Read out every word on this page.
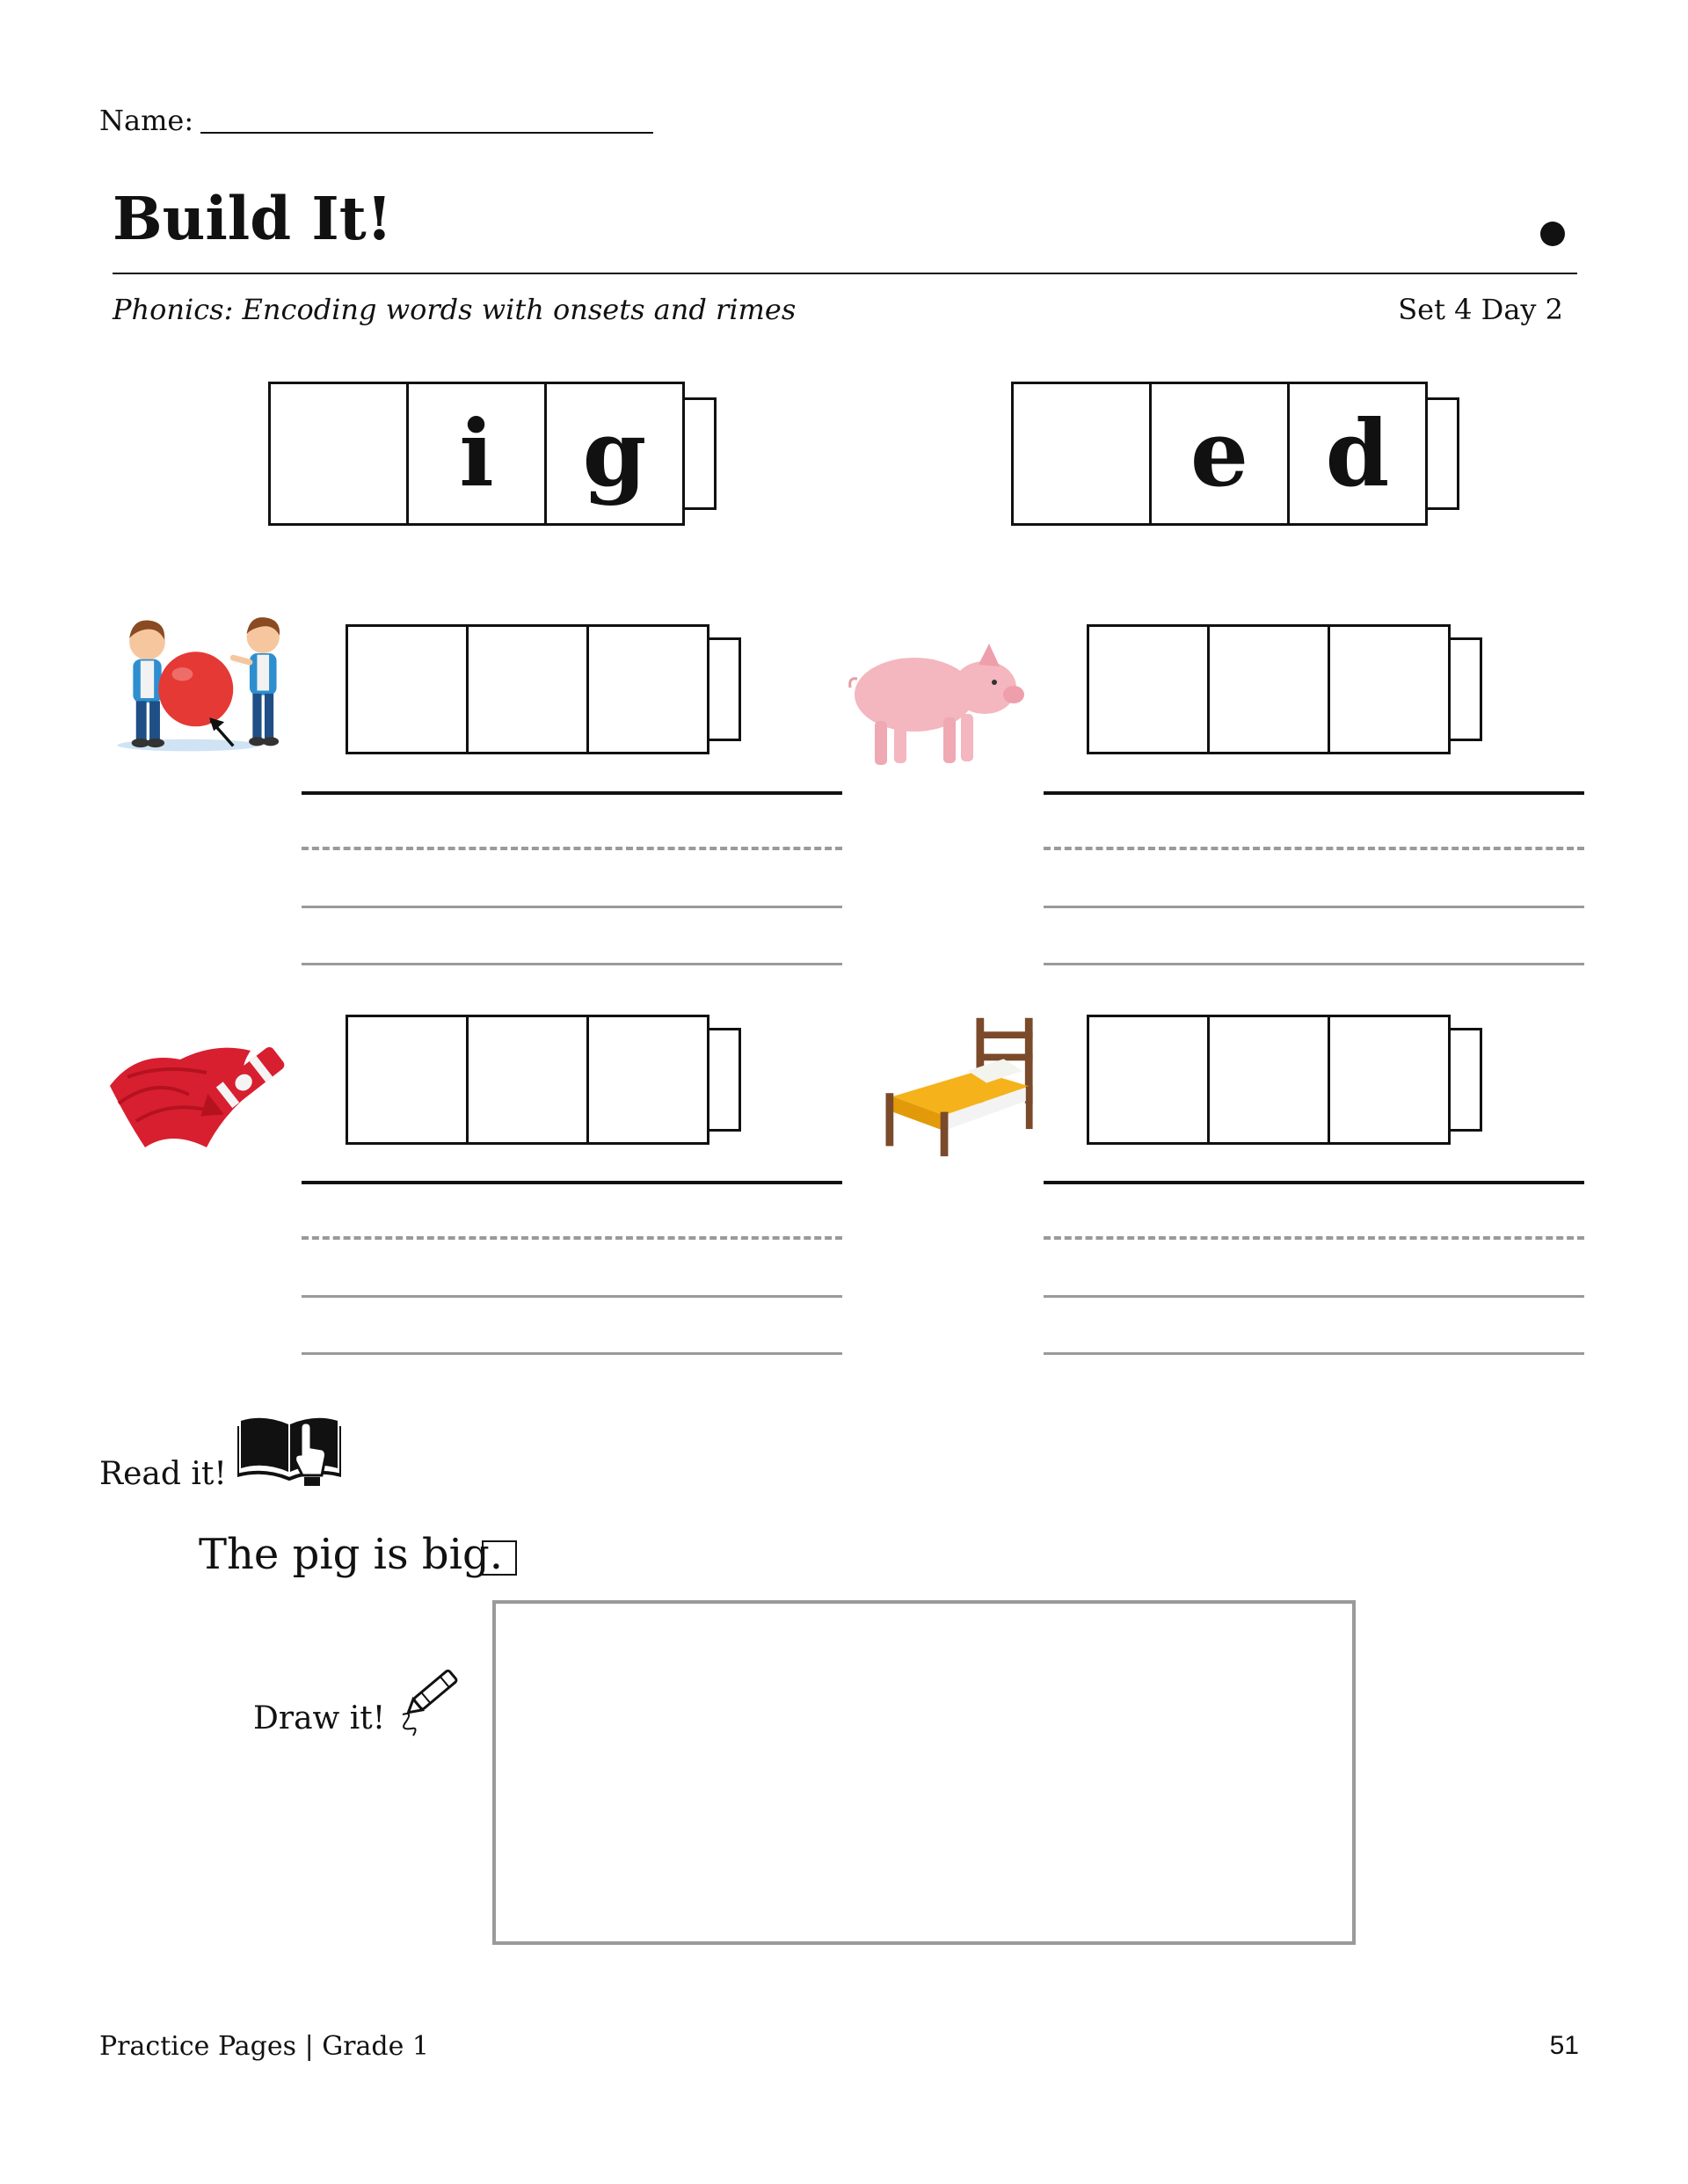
Name:
Build It!
Phonics: Encoding words with onsets and rimes	Set 4 Day 2
i g	e d
Read it!
The pig is big.
Draw it!
Practice Pages | Grade 1	51
